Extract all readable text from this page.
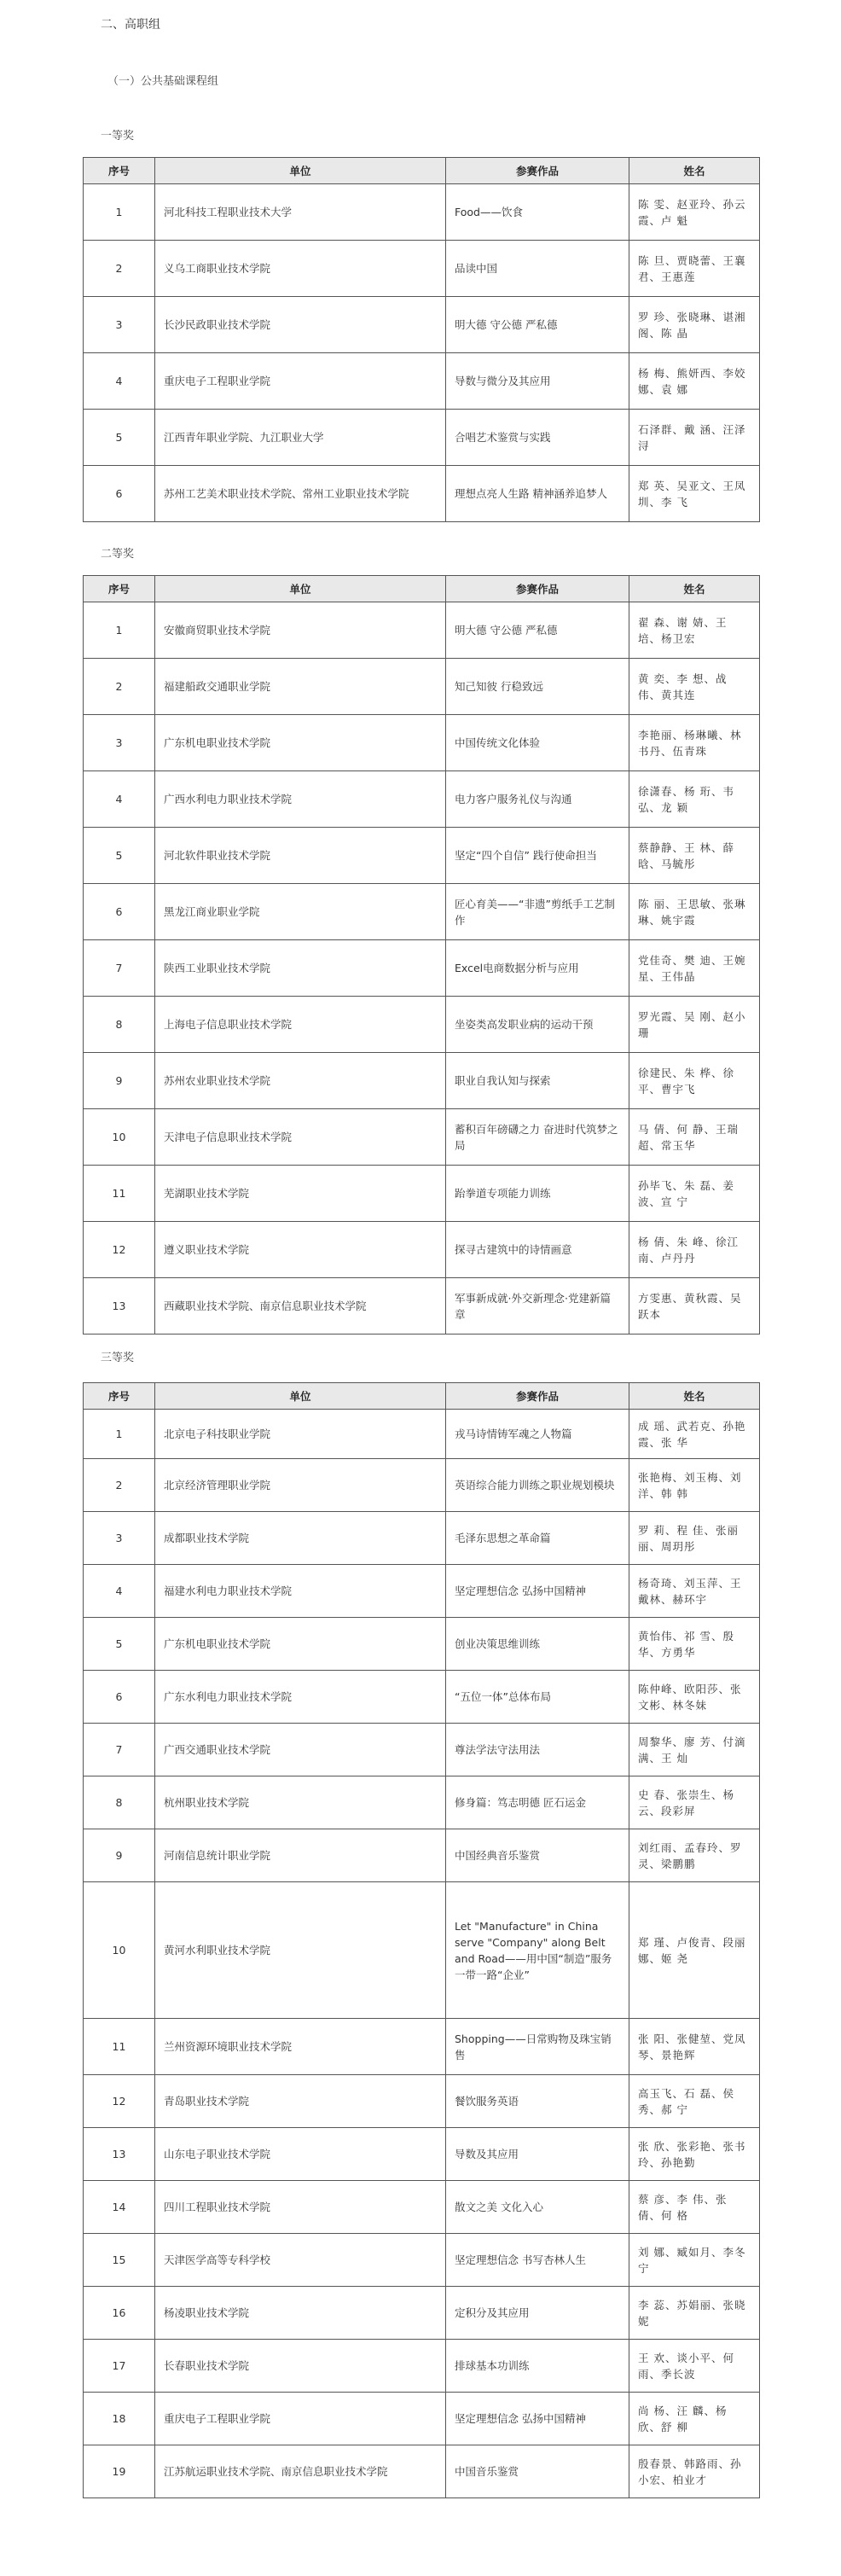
二、高职组
（一）公共基础课程组
一等奖
序号	单位	参赛作品	姓名
1	河北科技工程职业技术大学	Food——饮食	陈 雯、赵亚玲、孙云霞、卢 魁
2	义乌工商职业技术学院	品读中国	陈 旦、贾晓蕾、王襄君、王惠莲
3	长沙民政职业技术学院	明大德 守公德 严私德	罗 珍、张晓琳、谌湘阁、陈 晶
4	重庆电子工程职业学院	导数与微分及其应用	杨 梅、熊妍西、李姣娜、袁 娜
5	江西青年职业学院、九江职业大学	合唱艺术鉴赏与实践	石泽群、戴 涵、汪泽浔
6	苏州工艺美术职业技术学院、常州工业职业技术学院	理想点亮人生路 精神涵养追梦人	郑 英、吴亚文、王凤圳、李 飞
二等奖
序号	单位	参赛作品	姓名
1	安徽商贸职业技术学院	明大德 守公德 严私德	翟 森、谢 婧、王 培、杨卫宏
2	福建船政交通职业学院	知己知彼 行稳致远	黄 奕、李 想、战 伟、黄其连
3	广东机电职业技术学院	中国传统文化体验	李艳丽、杨琳曦、林书丹、伍青珠
4	广西水利电力职业技术学院	电力客户服务礼仪与沟通	徐潇春、杨 珩、韦 弘、龙 颖
5	河北软件职业技术学院	坚定“四个自信” 践行使命担当	蔡静静、王 林、薛 晗、马毓彤
6	黑龙江商业职业学院	匠心育美——“非遗”剪纸手工艺制作	陈 丽、王思敏、张琳琳、姚宇霞
7	陕西工业职业技术学院	Excel电商数据分析与应用	党佳奇、樊 迪、王婉星、王伟晶
8	上海电子信息职业技术学院	坐姿类高发职业病的运动干预	罗光霞、吴 刚、赵小珊
9	苏州农业职业技术学院	职业自我认知与探索	徐建民、朱 桦、徐 平、曹宇飞
10	天津电子信息职业技术学院	蓄积百年磅礴之力 奋进时代筑梦之局	马 倩、何 静、王瑞超、常玉华
11	芜湖职业技术学院	跆拳道专项能力训练	孙毕飞、朱 磊、姜 波、宣 宁
12	遵义职业技术学院	探寻古建筑中的诗情画意	杨 倩、朱 峰、徐江南、卢丹丹
13	西藏职业技术学院、南京信息职业技术学院	军事新成就·外交新理念·党建新篇章	方雯惠、黄秋霞、吴跃本
三等奖
序号	单位	参赛作品	姓名
1	北京电子科技职业学院	戎马诗情铸军魂之人物篇	成 瑶、武若克、孙艳霞、张 华
2	北京经济管理职业学院	英语综合能力训练之职业规划模块	张艳梅、刘玉梅、刘 洋、韩 韩
3	成都职业技术学院	毛泽东思想之革命篇	罗 莉、程 佳、张丽丽、周玥彤
4	福建水利电力职业技术学院	坚定理想信念 弘扬中国精神	杨奇琦、刘玉萍、王戴林、赫环宇
5	广东机电职业技术学院	创业决策思维训练	黄怡伟、祁 雪、殷 华、方勇华
6	广东水利电力职业技术学院	“五位一体”总体布局	陈仲峰、欧阳莎、张文彬、林冬妹
7	广西交通职业技术学院	尊法学法守法用法	周黎华、廖 芳、付滴满、王 灿
8	杭州职业技术学院	修身篇：笃志明德 匠石运金	史 春、张崇生、杨 云、段彩屏
9	河南信息统计职业学院	中国经典音乐鉴赏	刘红雨、孟春玲、罗 灵、梁鹏鹏
10	黄河水利职业技术学院	Let "Manufacture" in China serve "Company" along Belt and Road——用中国“制造”服务一带一路“企业”	郑 瑾、卢俊青、段丽娜、姬 尧
11	兰州资源环境职业技术学院	Shopping——日常购物及珠宝销售	张 阳、张健堃、党凤琴、景艳辉
12	青岛职业技术学院	餐饮服务英语	高玉飞、石 磊、侯 秀、郝 宁
13	山东电子职业技术学院	导数及其应用	张 欣、张彩艳、张书玲、孙艳勤
14	四川工程职业技术学院	散文之美 文化入心	蔡 彦、李 伟、张 倩、何 格
15	天津医学高等专科学校	坚定理想信念 书写杏林人生	刘 娜、臧如月、李冬宁
16	杨凌职业技术学院	定积分及其应用	李 蕊、苏娟丽、张晓妮
17	长春职业技术学院	排球基本功训练	王 欢、谈小平、何 雨、季长波
18	重庆电子工程职业学院	坚定理想信念 弘扬中国精神	尚 杨、汪 麟、杨 欣、舒 柳
19	江苏航运职业技术学院、南京信息职业技术学院	中国音乐鉴赏	殷春景、韩路雨、孙小宏、柏业才
